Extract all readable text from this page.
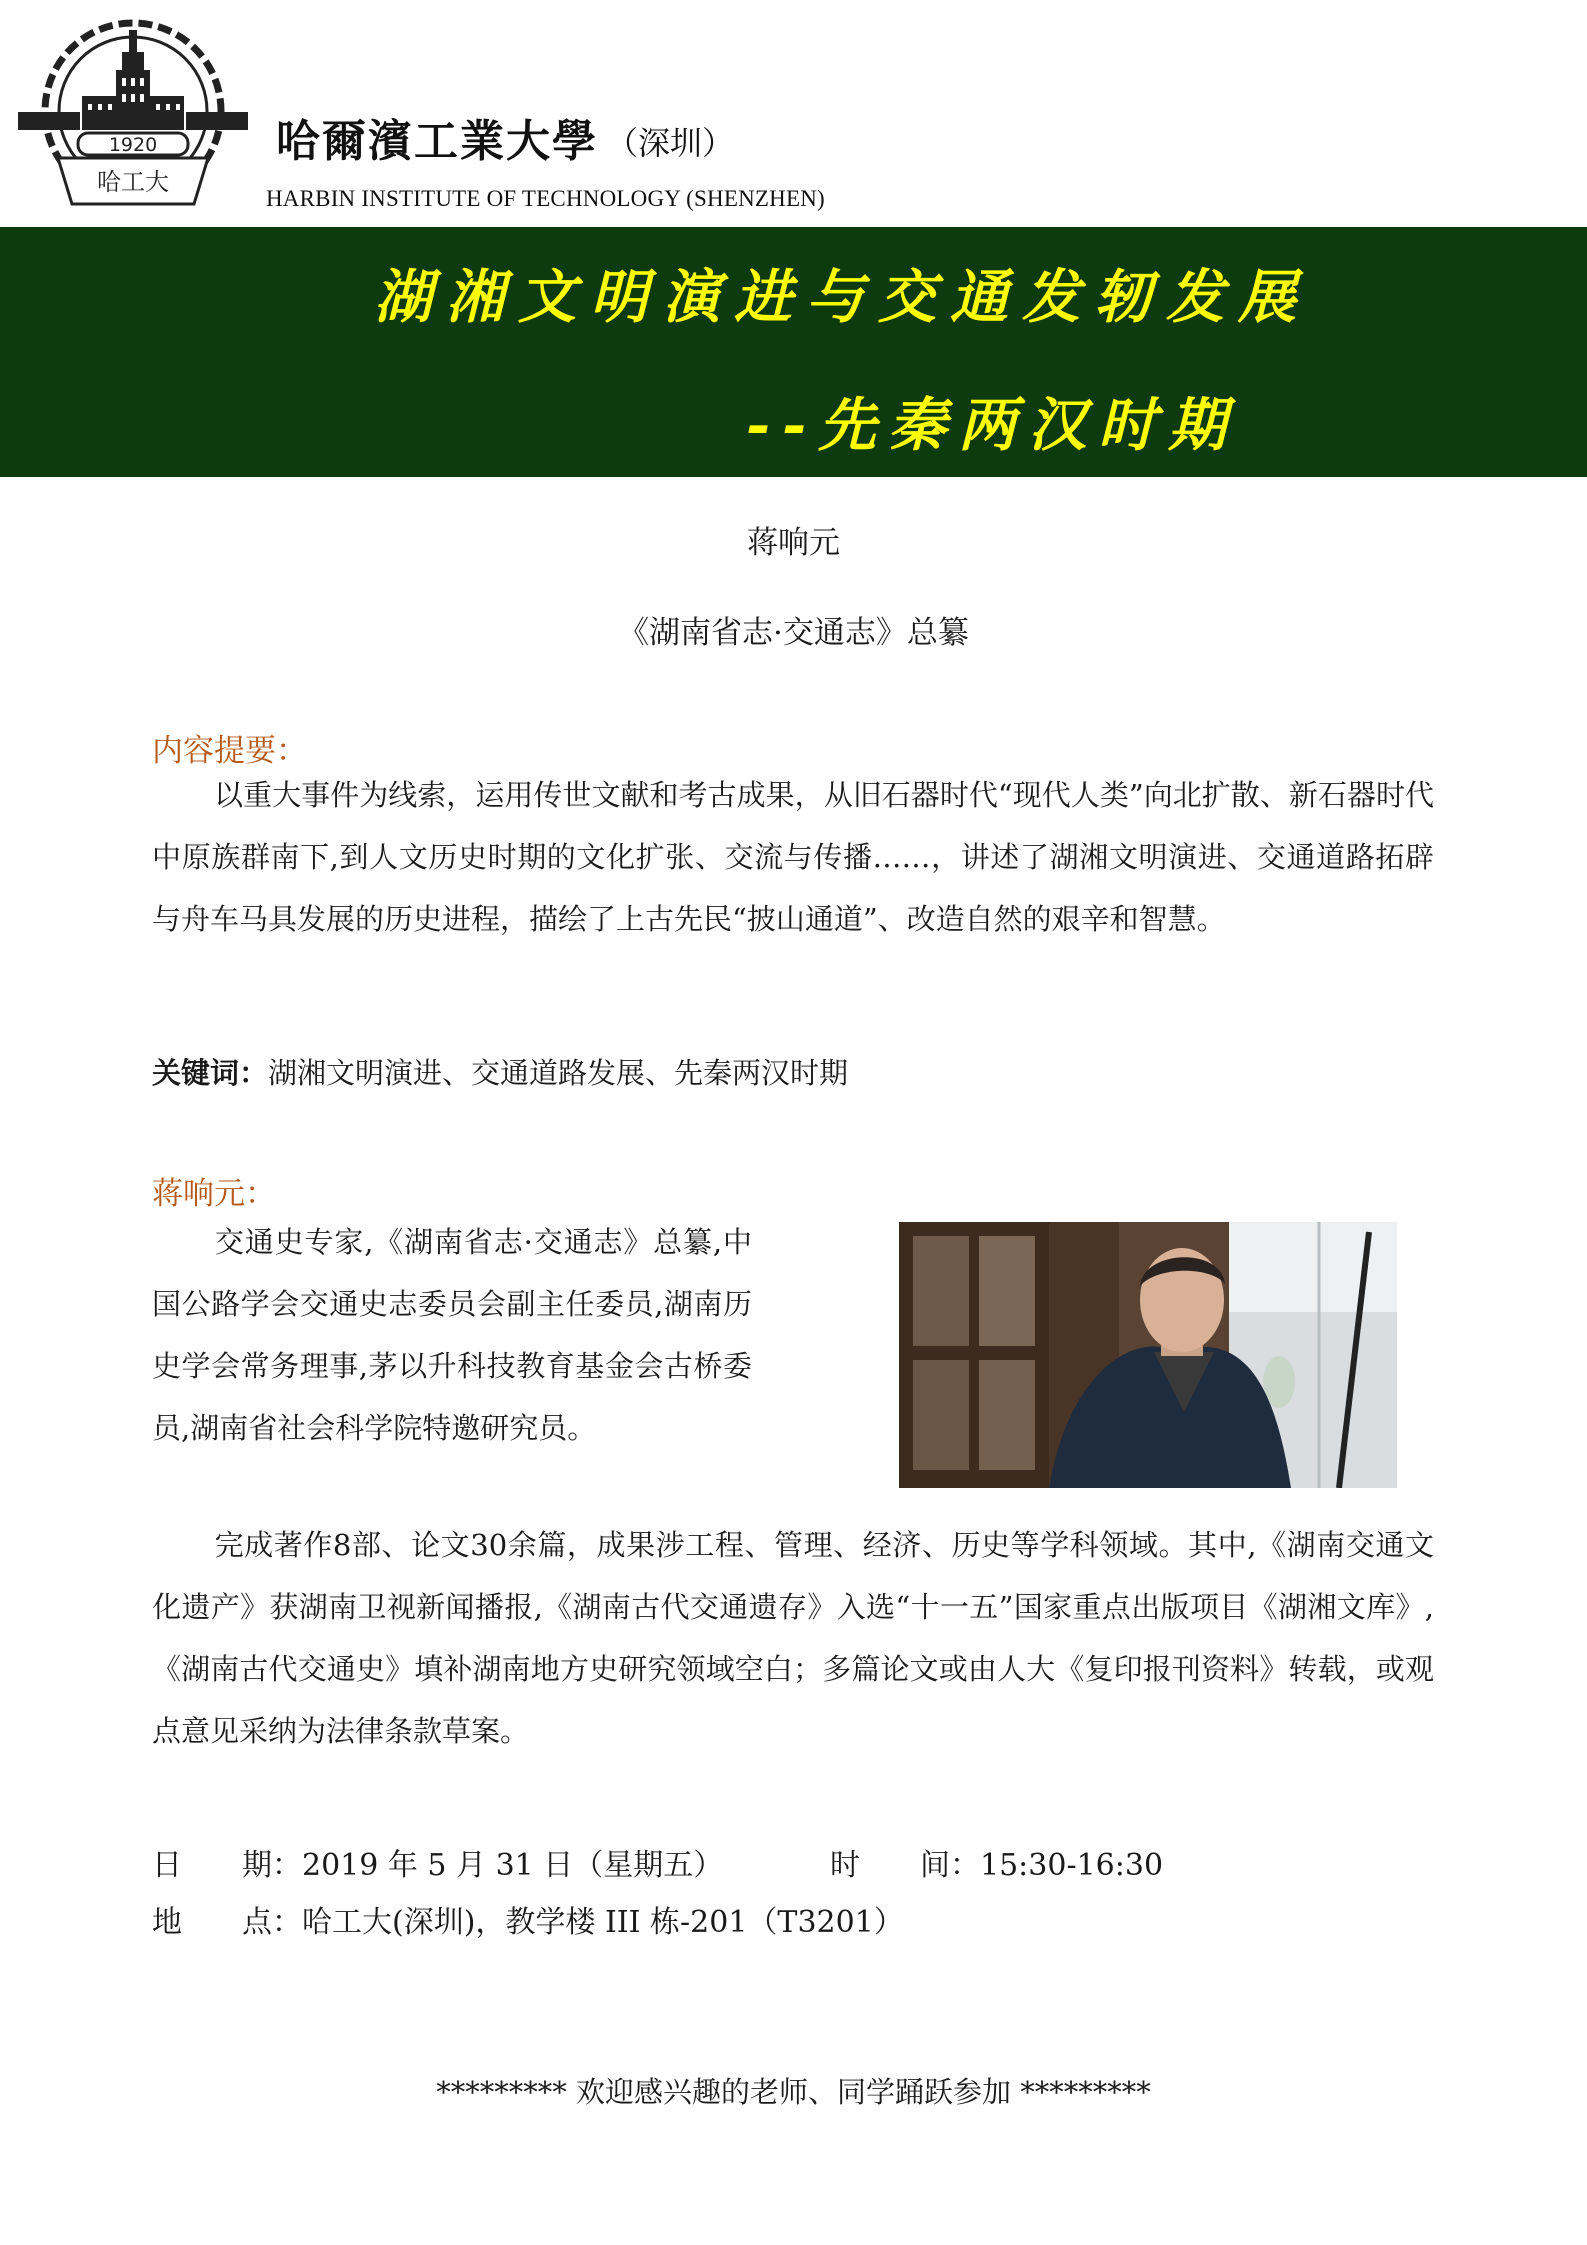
1920
哈工大
哈爾濱工業大學 （深圳）
HARBIN INSTITUTE OF TECHNOLOGY (SHENZHEN)
湖湘文明演进与交通发轫发展
--先秦两汉时期
蒋响元
《湖南省志·交通志》总纂
内容提要：
以重大事件为线索，运用传世文献和考古成果，从旧石器时代“现代人类”向北扩散、新石器时代中原族群南下,到人文历史时期的文化扩张、交流与传播……，讲述了湖湘文明演进、交通道路拓辟与舟车马具发展的历史进程，描绘了上古先民“披山通道”、改造自然的艰辛和智慧。
关键词：湖湘文明演进、交通道路发展、先秦两汉时期
蒋响元：
交通史专家,《湖南省志·交通志》总纂,中国公路学会交通史志委员会副主任委员,湖南历史学会常务理事,茅以升科技教育基金会古桥委员,湖南省社会科学院特邀研究员。
完成著作8部、论文30余篇，成果涉工程、管理、经济、历史等学科领域。其中,《湖南交通文化遗产》获湖南卫视新闻播报,《湖南古代交通遗存》入选“十一五”国家重点出版项目《湖湘文库》,《湖南古代交通史》填补湖南地方史研究领域空白；多篇论文或由人大《复印报刊资料》转载，或观点意见采纳为法律条款草案。
日　　期：2019 年 5 月 31 日（星期五）	时　　间：15:30-16:30
地　　点：哈工大(深圳)，教学楼 III 栋-201（T3201）
********* 欢迎感兴趣的老师、同学踊跃参加 *********
